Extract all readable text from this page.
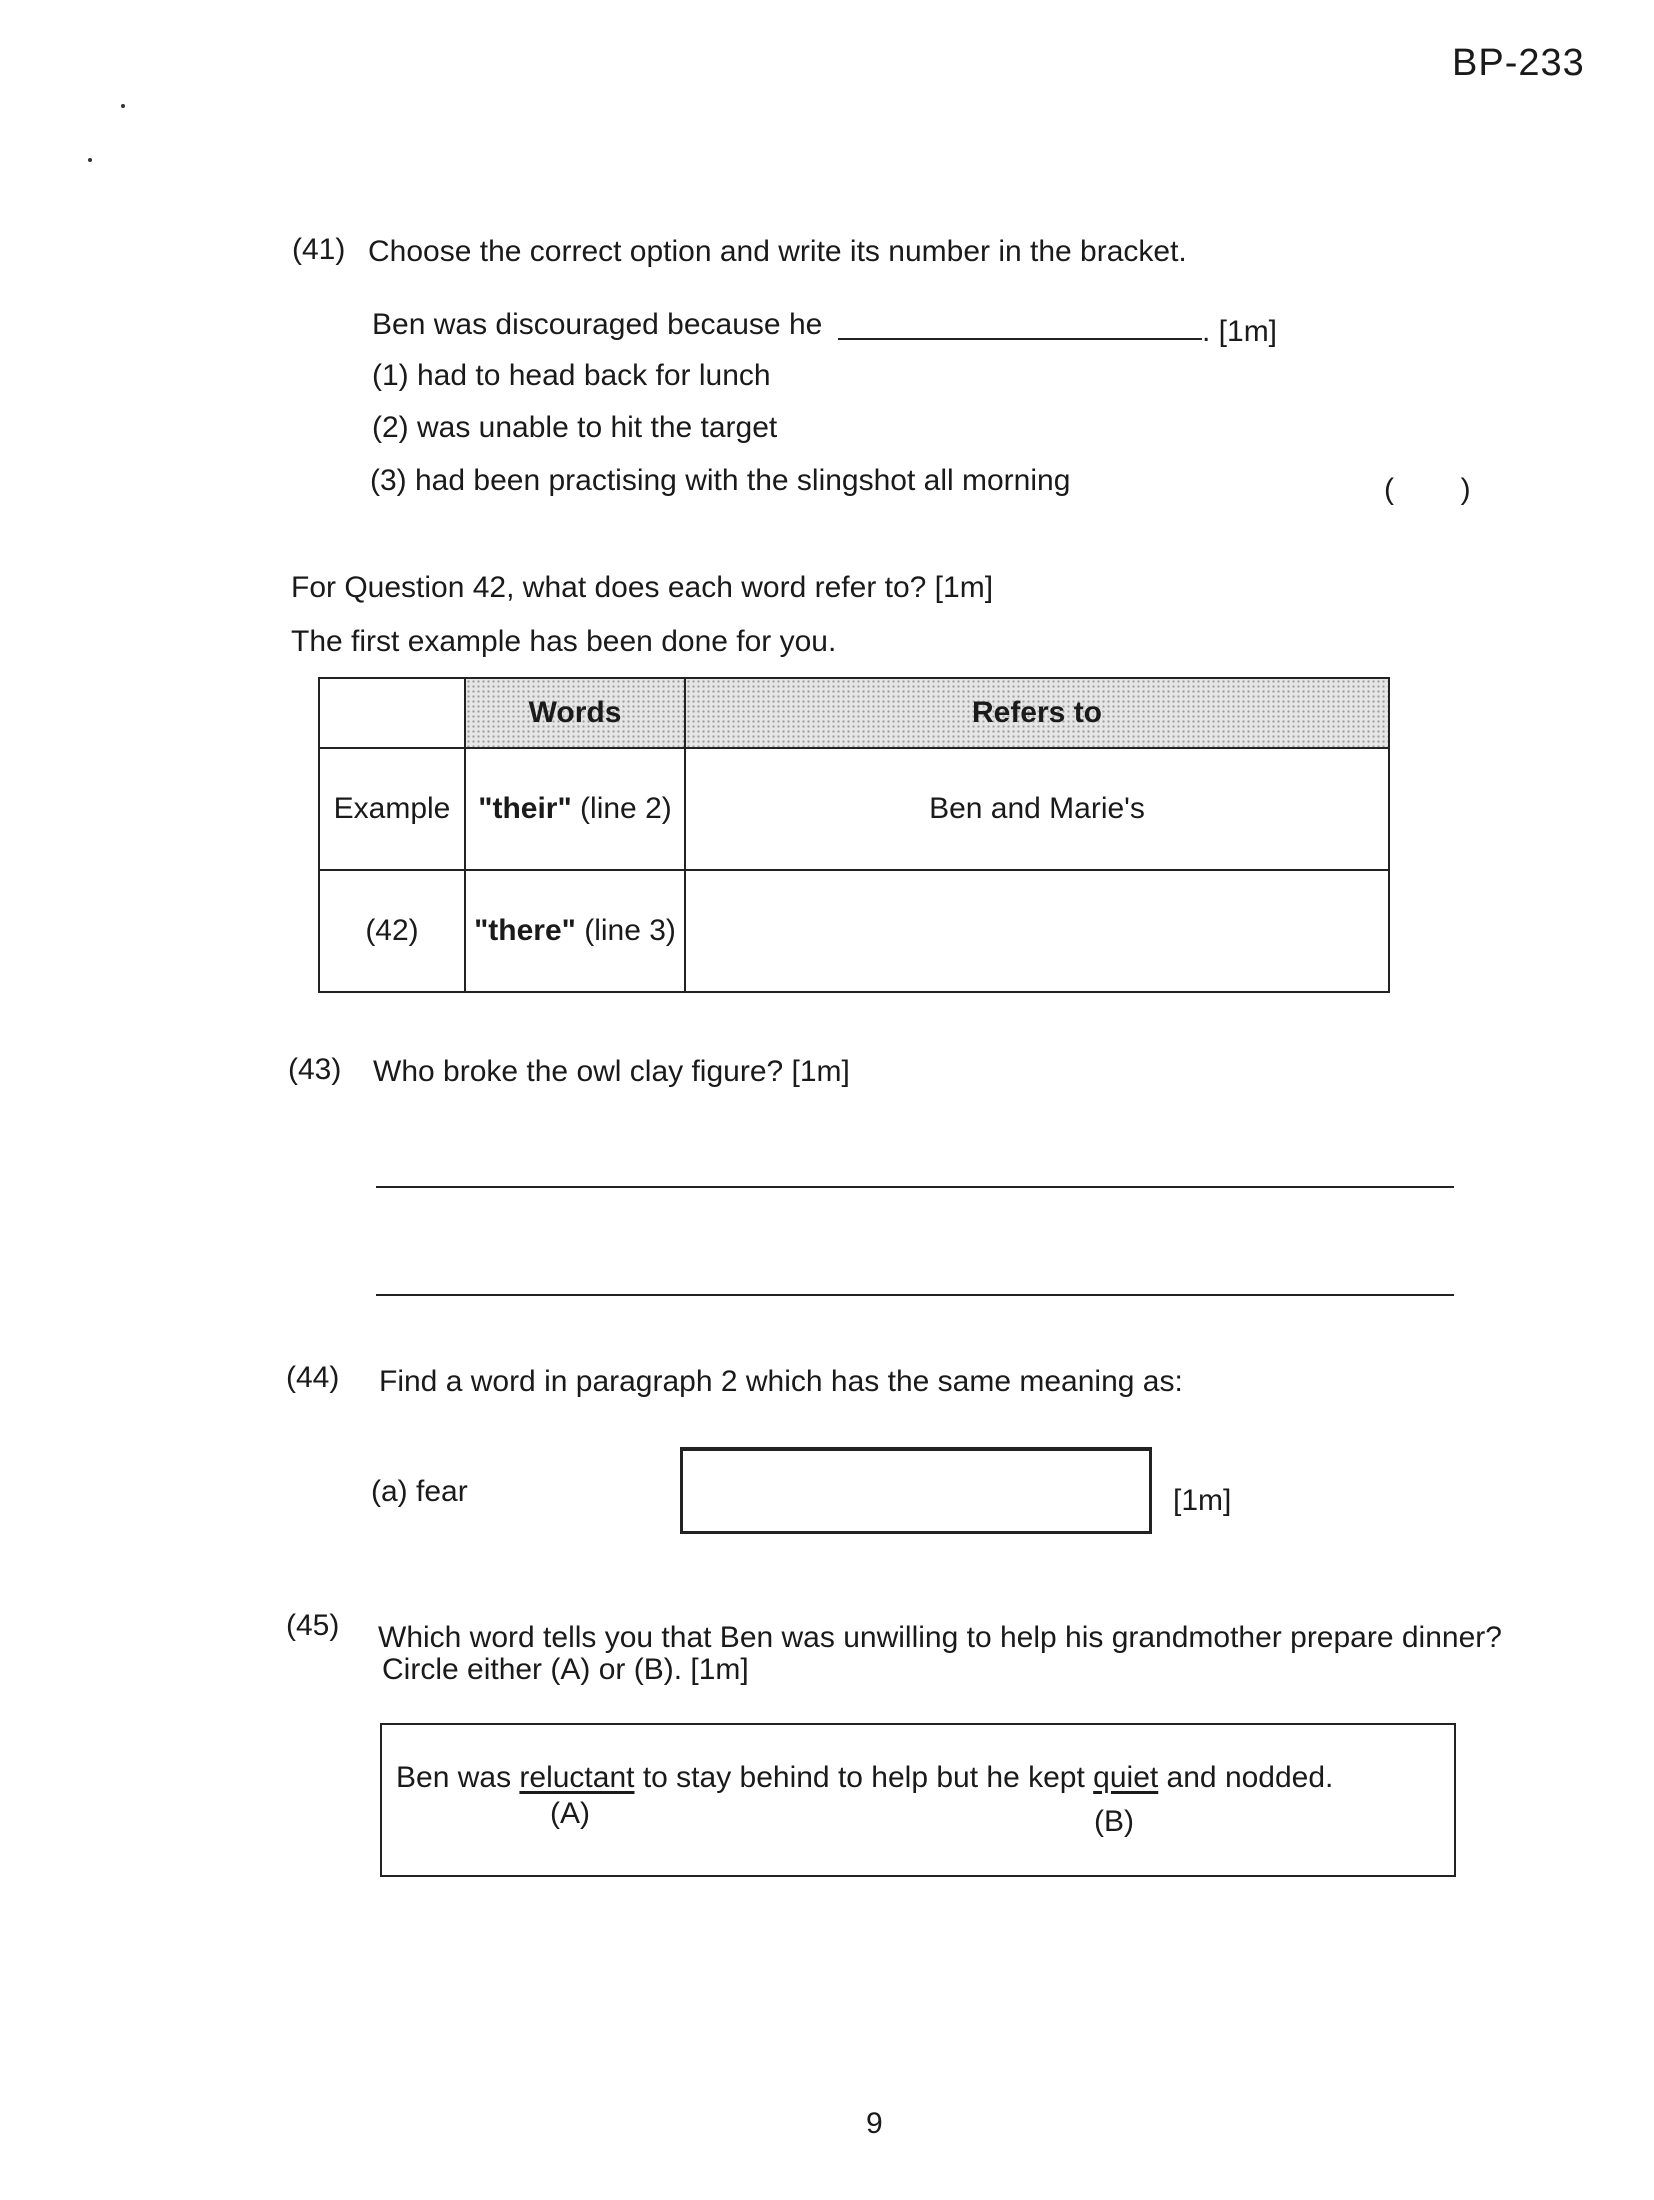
BP-233
(41) Choose the correct option and write its number in the bracket.
Ben was discouraged because he	. [1m]
(1) had to head back for lunch
(2) was unable to hit the target
(3) had been practising with the slingshot all morning	(        )
For Question 42, what does each word refer to? [1m]
The first example has been done for you.
	Words	Refers to
Example	"their" (line 2)	Ben and Marie's
(42)	"there" (line 3)	
(43) Who broke the owl clay figure? [1m]
(44) Find a word in paragraph 2 which has the same meaning as:
(a) fear	[1m]
(45) Which word tells you that Ben was unwilling to help his grandmother prepare dinner?
Circle either (A) or (B). [1m]
Ben was reluctant to stay behind to help but he kept quiet and nodded.
(A)	(B)
9
